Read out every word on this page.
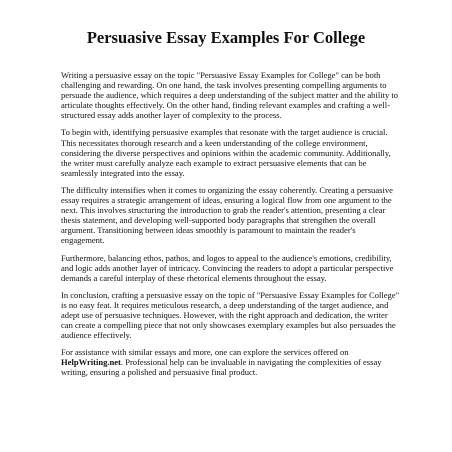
Persuasive Essay Examples For College

Writing a persuasive essay on the topic "Persuasive Essay Examples for College" can be both challenging and rewarding. On one hand, the task involves presenting compelling arguments to persuade the audience, which requires a deep understanding of the subject matter and the ability to articulate thoughts effectively. On the other hand, finding relevant examples and crafting a well-structured essay adds another layer of complexity to the process.

To begin with, identifying persuasive examples that resonate with the target audience is crucial. This necessitates thorough research and a keen understanding of the college environment, considering the diverse perspectives and opinions within the academic community. Additionally, the writer must carefully analyze each example to extract persuasive elements that can be seamlessly integrated into the essay.

The difficulty intensifies when it comes to organizing the essay coherently. Creating a persuasive essay requires a strategic arrangement of ideas, ensuring a logical flow from one argument to the next. This involves structuring the introduction to grab the reader's attention, presenting a clear thesis statement, and developing well-supported body paragraphs that strengthen the overall argument. Transitioning between ideas smoothly is paramount to maintain the reader's engagement.

Furthermore, balancing ethos, pathos, and logos to appeal to the audience's emotions, credibility, and logic adds another layer of intricacy. Convincing the readers to adopt a particular perspective demands a careful interplay of these rhetorical elements throughout the essay.

In conclusion, crafting a persuasive essay on the topic of "Persuasive Essay Examples for College" is no easy feat. It requires meticulous research, a deep understanding of the target audience, and adept use of persuasive techniques. However, with the right approach and dedication, the writer can create a compelling piece that not only showcases exemplary examples but also persuades the audience effectively.

For assistance with similar essays and more, one can explore the services offered on HelpWriting.net. Professional help can be invaluable in navigating the complexities of essay writing, ensuring a polished and persuasive final product.
